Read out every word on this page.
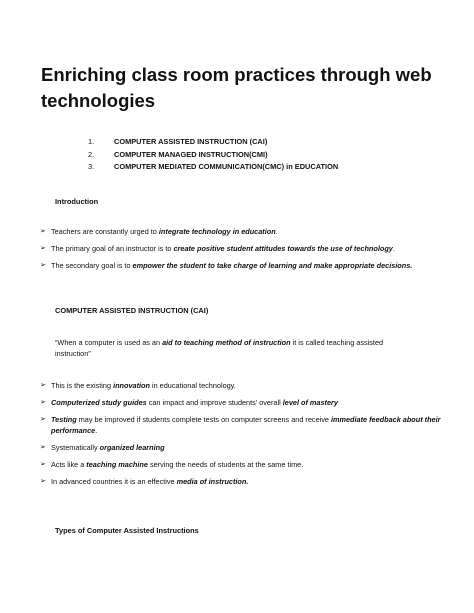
Enriching class room practices through web technologies
1.	COMPUTER ASSISTED INSTRUCTION (CAI)
2.	COMPUTER MANAGED INSTRUCTION(CMI)
3.	COMPUTER MEDIATED COMMUNICATION(CMC) in EDUCATION
Introduction
➢ Teachers are constantly urged to integrate technology in education.
➢ The primary goal of an instructor is to create positive student attitudes towards the use of technology.
➢ The secondary goal is to empower the student to take charge of learning and make appropriate decisions.
COMPUTER ASSISTED INSTRUCTION (CAI)
“When a computer is used as an aid to teaching method of instruction it is called teaching assisted instruction”
➢ This is the existing innovation in educational technology.
➢ Computerized study guides can impact and improve students' overall level of mastery
➢ Testing may be improved if students complete tests on computer screens and receive immediate feedback about their performance.
➢ Systematically organized learning
➢ Acts like a teaching machine serving the needs of students at the same time.
➢ In advanced countries it is an effective media of instruction.
Types of Computer Assisted Instructions
